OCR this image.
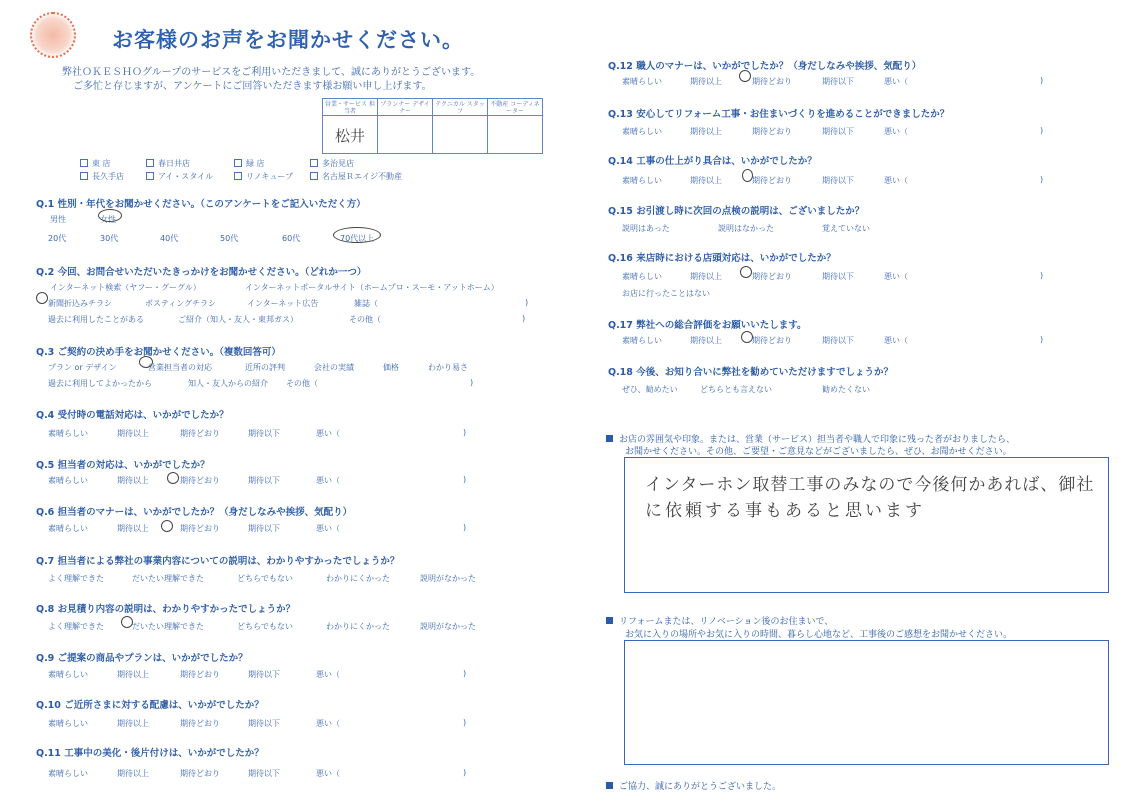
お客様のお声をお聞かせください。
弊社ＯＫＥＳＨＯグループのサービスをご利用いただきまして、誠にありがとうございます。
ご多忙と存じますが、アンケートにご回答いただきます様お願い申し上げます。
営業・サービス 担当者	プランナー デザイナー	テクニカル スタッフ	不動産 コーディネーター
松井			
東 店	春日井店	緑 店	多治見店
長久手店	アイ・スタイル	リノキューブ	名古屋Ｒエイジ不動産
お店の雰囲気や印象。または、営業（サービス）担当者や職人で印象に残った者がおりましたら、
お聞かせください。その他、ご要望・ご意見などがございましたら、ぜひ、お聞かせください。
インターホン取替工事のみなので今後何かあれば、御社
に依頼する事もあると思います
リフォームまたは、リノベーション後のお住まいで、
お気に入りの場所やお気に入りの時間、暮らし心地など、工事後のご感想をお聞かせください。
ご協力、誠にありがとうございました。
Q.1 性別・年代をお聞かせください。（このアンケートをご記入いただく方）
男性	女性
20代	30代	40代	50代	60代	70代以上
Q.2 今回、お問合せいただいたきっかけをお聞かせください。（どれか一つ）
インターネット検索（ヤフー・グーグル）	インターネットポータルサイト（ホームプロ・スーモ・アットホーム）
新聞折込みチラシ	ポスティングチラシ	インターネット広告	雑誌（	)
過去に利用したことがある	ご紹介（知人・友人・東邦ガス）	その他（	)
Q.3 ご契約の決め手をお聞かせください。（複数回答可）
プラン or デザイン	営業担当者の対応	近所の評判	会社の実績	価格	わかり易さ
過去に利用してよかったから	知人・友人からの紹介 その他（	)
Q.4 受付時の電話対応は、いかがでしたか？
素晴らしい	期待以上	期待どおり	期待以下	悪い（	)
Q.5 担当者の対応は、いかがでしたか？
素晴らしい	期待以上	期待どおり	期待以下	悪い（	)
Q.6 担当者のマナーは、いかがでしたか？（身だしなみや挨拶、気配り）
素晴らしい	期待以上	期待どおり	期待以下	悪い（	)
Q.7 担当者による弊社の事業内容についての説明は、わかりやすかったでしょうか？
よく理解できた	だいたい理解できた	どちらでもない	わかりにくかった	説明がなかった
Q.8 お見積り内容の説明は、わかりやすかったでしょうか？
よく理解できた	だいたい理解できた	どちらでもない	わかりにくかった	説明がなかった
Q.9 ご提案の商品やプランは、いかがでしたか？
素晴らしい	期待以上	期待どおり	期待以下	悪い（	)
Q.10 ご近所さまに対する配慮は、いかがでしたか？
素晴らしい	期待以上	期待どおり	期待以下	悪い（	)
Q.11 工事中の美化・後片付けは、いかがでしたか？
素晴らしい	期待以上	期待どおり	期待以下	悪い（	)
Q.12 職人のマナーは、いかがでしたか？（身だしなみや挨拶、気配り）
素晴らしい	期待以上	期待どおり	期待以下	悪い（	)
Q.13 安心してリフォーム工事・お住まいづくりを進めることができましたか？
素晴らしい	期待以上	期待どおり	期待以下	悪い（	)
Q.14 工事の仕上がり具合は、いかがでしたか？
素晴らしい	期待以上	期待どおり	期待以下	悪い（	)
Q.15 お引渡し時に次回の点検の説明は、ございましたか？
説明はあった	説明はなかった	覚えていない
Q.16 来店時における店頭対応は、いかがでしたか？
素晴らしい	期待以上	期待どおり	期待以下	悪い（	)
お店に行ったことはない
Q.17 弊社への総合評価をお願いいたします。
素晴らしい	期待以上	期待どおり	期待以下	悪い（	)
Q.18 今後、お知り合いに弊社を勧めていただけますでしょうか？
ぜひ、勧めたい	どちらとも言えない	勧めたくない
